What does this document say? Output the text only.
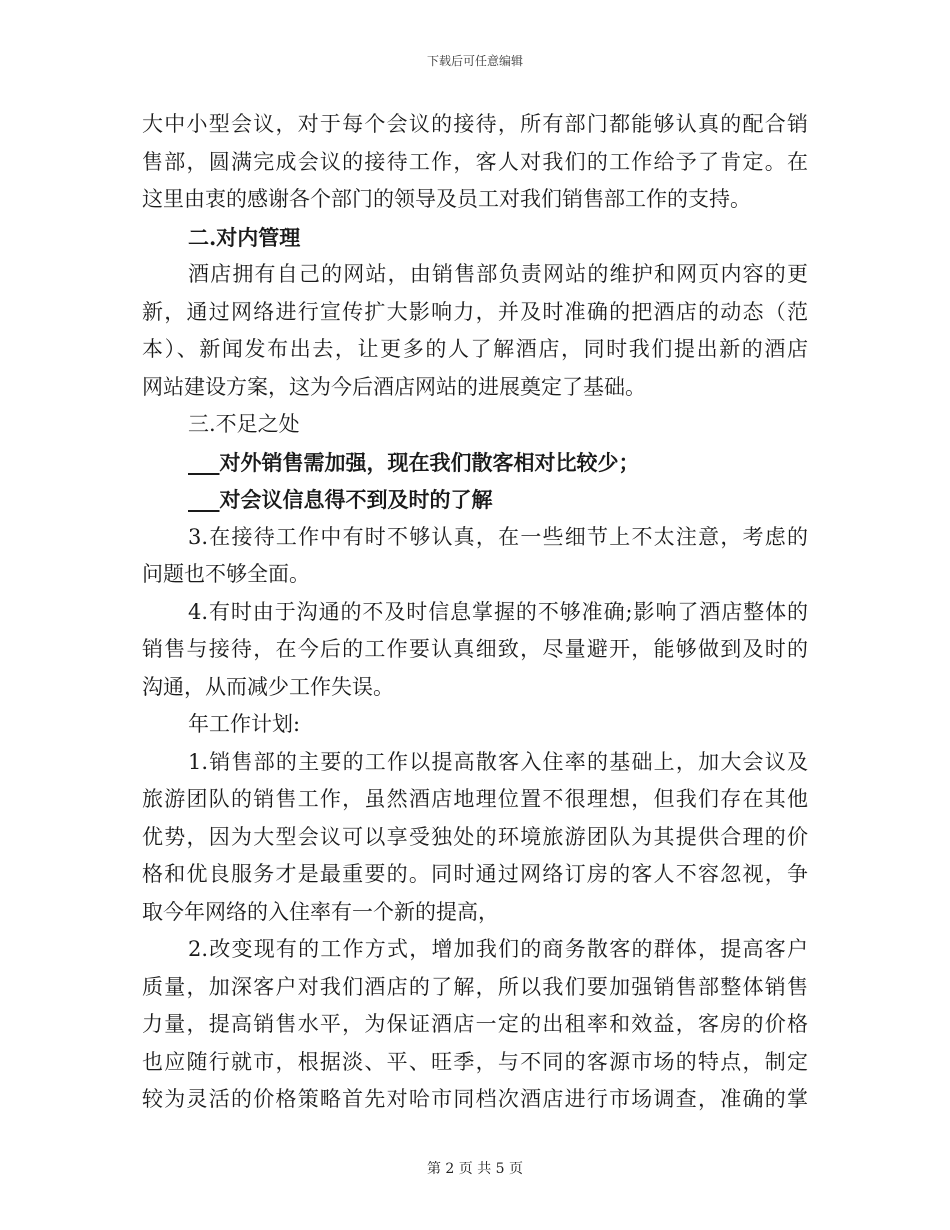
下载后可任意编辑
大中小型会议，对于每个会议的接待，所有部门都能够认真的配合销
售部，圆满完成会议的接待工作，客人对我们的工作给予了肯定。在
这里由衷的感谢各个部门的领导及员工对我们销售部工作的支持。
二.对内管理
酒店拥有自己的网站，由销售部负责网站的维护和网页内容的更
新，通过网络进行宣传扩大影响力，并及时准确的把酒店的动态（范
本）、新闻发布出去，让更多的人了解酒店，同时我们提出新的酒店
网站建设方案，这为今后酒店网站的进展奠定了基础。
三.不足之处
___对外销售需加强，现在我们散客相对比较少；
___对会议信息得不到及时的了解
3.在接待工作中有时不够认真，在一些细节上不太注意，考虑的
问题也不够全面。
4.有时由于沟通的不及时信息掌握的不够准确;影响了酒店整体的
销售与接待，在今后的工作要认真细致，尽量避开，能够做到及时的
沟通，从而减少工作失误。
年工作计划:
1.销售部的主要的工作以提高散客入住率的基础上，加大会议及
旅游团队的销售工作，虽然酒店地理位置不很理想，但我们存在其他
优势，因为大型会议可以享受独处的环境旅游团队为其提供合理的价
格和优良服务才是最重要的。同时通过网络订房的客人不容忽视，争
取今年网络的入住率有一个新的提高，
2.改变现有的工作方式，增加我们的商务散客的群体，提高客户
质量，加深客户对我们酒店的了解，所以我们要加强销售部整体销售
力量，提高销售水平，为保证酒店一定的出租率和效益，客房的价格
也应随行就市，根据淡、平、旺季，与不同的客源市场的特点，制定
较为灵活的价格策略首先对哈市同档次酒店进行市场调查，准确的掌
第 2 页 共 5 页
